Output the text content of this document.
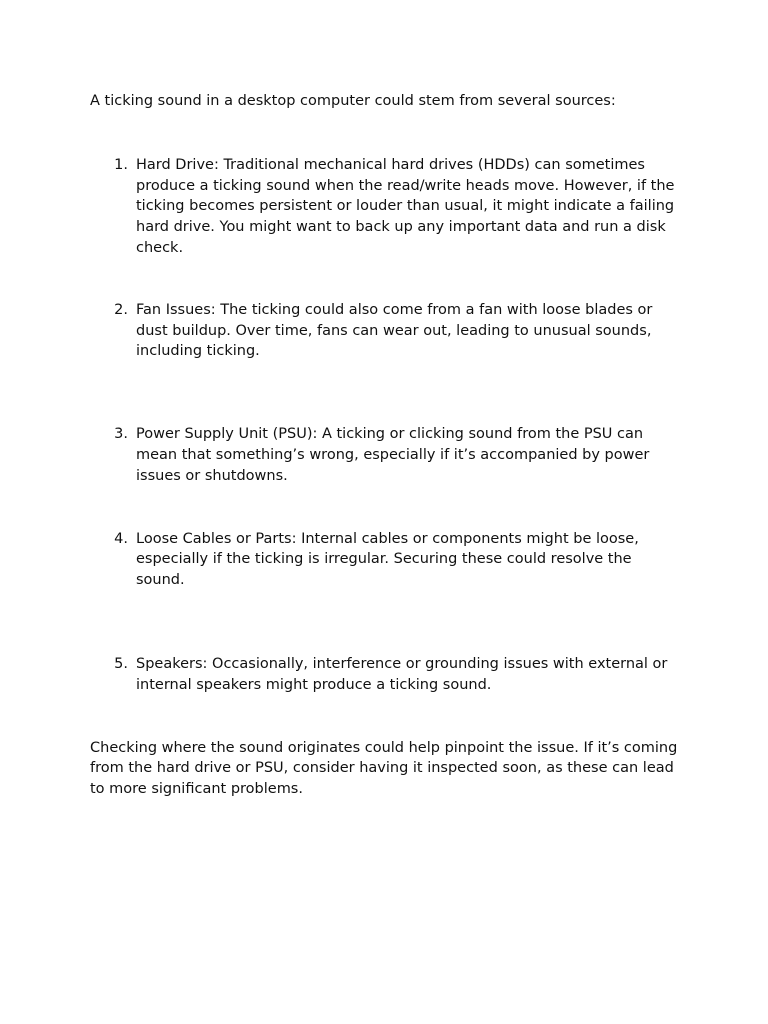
A ticking sound in a desktop computer could stem from several sources:

1. Hard Drive: Traditional mechanical hard drives (HDDs) can sometimes produce a ticking sound when the read/write heads move. However, if the ticking becomes persistent or louder than usual, it might indicate a failing hard drive. You might want to back up any important data and run a disk check.
2. Fan Issues: The ticking could also come from a fan with loose blades or dust buildup. Over time, fans can wear out, leading to unusual sounds, including ticking.
3. Power Supply Unit (PSU): A ticking or clicking sound from the PSU can mean that something’s wrong, especially if it’s accompanied by power issues or shutdowns.
4. Loose Cables or Parts: Internal cables or components might be loose, especially if the ticking is irregular. Securing these could resolve the sound.
5. Speakers: Occasionally, interference or grounding issues with external or internal speakers might produce a ticking sound.

Checking where the sound originates could help pinpoint the issue. If it’s coming from the hard drive or PSU, consider having it inspected soon, as these can lead to more significant problems.
